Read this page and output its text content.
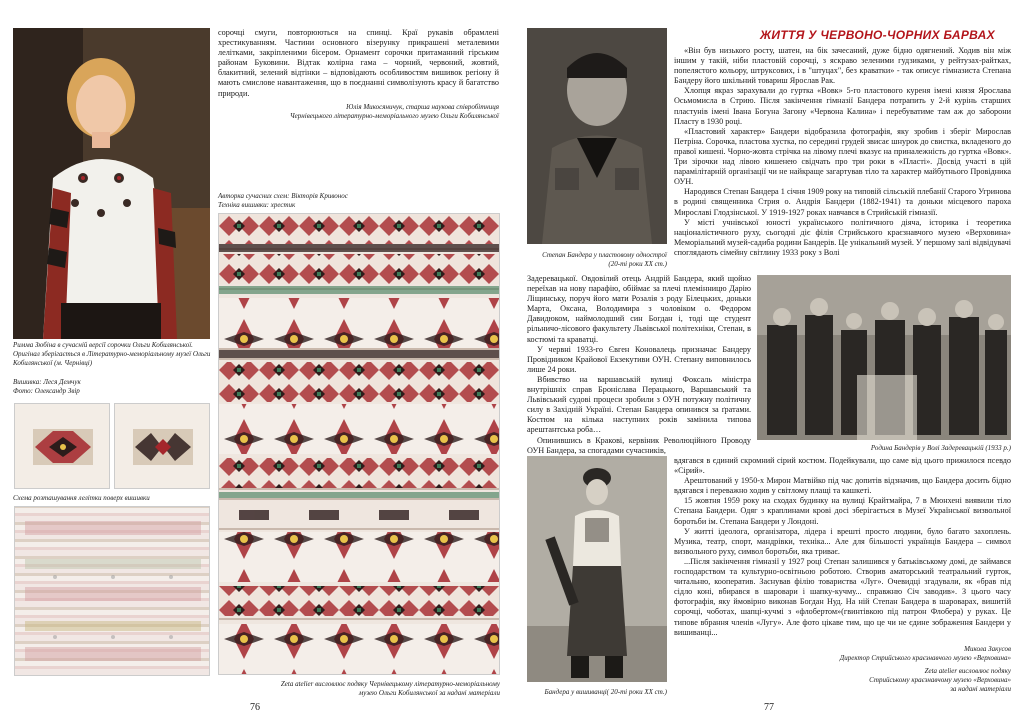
Римма Зюбіна в сучасній версії сорочки Ольги Кобилянської. Оригінал зберігається в Літературно-меморіальному музеї Ольги Кобилянської (м. Чернівці)
Вишивка: Леся Демчук
Фото: Олександр Звір
Схема розташування лелітки поверх вишивки

сорочці смуги, повторюються на спинці. Краї рукавів обрамлені хрестикуванням. Частини основного візерунку прикрашені металевими лелітками, закріпленими бісером. Орнамент сорочки притаманний гірським районам Буковини. Відтак колірна гама – чорний, червоний, жовтий, блакитний, зелений відтінки – відповідають особливостям вишивок регіону й мають смислове навантаження, що в поєднанні символізують красу й багатство природи.

Юлія Микосяничук, старша наукова співробітниця
Чернівецького літературно-меморіального музею Ольги Кобилянської
Авторка сучасних схем: Вікторія Кривонос
Техніка вишивки: хрестик
Zeta atelier висловлює подяку Чернівецькому літературно-меморіальному
музею Ольги Кобилянської за надані матеріали
76
Степан Бандера у пластовому однострої
(20-ті роки XX ст.)
ЖИТТЯ У ЧЕРВОНО-ЧОРНИХ БАРВАХ

«Він був низького росту, шатен, на бік зачесаний, дуже бідно одягнений. Ходив він між іншим у такій, ніби пластовій сорочці, з яскраво зеленими гудзиками, у рейтузах-райтках, попелястого кольору, штрукcових, і в "штуцах", без краватки» - так описує гімназиста Степана Бандеру його шкільний товариш Ярослав Рак.

Хлопця якраз зарахували до гуртка «Вовк» 5-го пластового куреня імені князя Ярослава Осьмомисла в Стрию. Після закінчення гімназії Бандера потрапить у 2-й курінь старших пластунів імені Івана Богуна Загону «Червона Калина» і перебуватиме там аж до заборони Пласту в 1930 році.

«Пластовий характер» Бандери відобразила фотографія, яку зробив і зберіг Мирослав Петріна. Сорочка, пластова хустка, по середині грудей звисає шнурок до свистка, вкладеного до правої кишені. Чорно-жовта стрічка на лівому плечі вказує на приналежність до гуртка «Вовк». Три зірочки над лівою кишенею свідчать про три роки в «Пласті». Досвід участі в цій парамілітарній організації чи не найкраще загартував тіло та характер майбутнього Провідника ОУН.

Народився Степан Бандера 1 січня 1909 року на типовій сільській плебанії Старого Угринова в родині священника Стрия о. Андрія Бандери (1882-1941) та доньки місцевого пароха Мирославі Глодзінської. У 1919-1927 роках навчався в Стрийській гімназії.

У місті учнівської юності українського політичного діяча, історика і теоретика націоналістичного руху, сьогодні діє філія Стрийського краєзнавчого музею «Верховина» Меморіальний музей-садиба родини Бандерів. Це унікальний музей. У першому залі відвідувачі споглядають сімейну світлину 1933 року з Волі

Задеревацької. Овдовілий отець Андрій Бандера, який щойно переїхав на нову парафію, обіймає за плечі племінницю Дарію Ліщинську, поруч його мати Розалія з роду Білецьких, доньки Марта, Оксана, Володимира з чоловіком о. Федором Давидюком, наймолодший син Богдан і, тоді ще студент рільничо-лісового факультету Львівської політехніки, Степан, в костюмі та краватці.

У червні 1933-го Євген Коновалець призначає Бандеру Провідником Крайової Екзекутиви ОУН. Степану виповнилось лише 24 роки.

Вбивство на варшавській вулиці Фоксаль міністра внутрішніх справ Броніслава Перацького, Варшавський та Львівський судові процеси зробили з ОУН потужну політичну силу в Західній Україні. Степан Бандера опинився за ґратами. Костюм на кілька наступних років замінила типова арештантська роба…

Опинившись в Кракові, кервіник Революційного Проводу ОУН Бандера, за спогадами сучасників,	Родина Бандерів у Волі Задеревацькій (1933 р.)

вдягався в єдиний скромний сірий костюм. Подейкували, що саме від цього прижилося псевдо «Сірий».

Арештований у 1950-х Мирон Матвійко під час допитів відзначив, що Бандера досить бідно вдягався і переважно ходив у світлому плащі та кашкеті.

15 жовтня 1959 року на сходах будинку на вулиці Крайтмайра, 7 в Мюнхені виявили тіло Степана Бандери. Одяг з краплинами крові досі зберігається в Музеї Української визвольної боротьби ім. Степана Бандери у Лондоні.

У житті ідеолога, організатора, лідера і врешті просто людини, було багато захоплень. Музика, театр, спорт, мандрівки, техніка... Але для більшості українців Бандера – символ визвольного руху, символ боротьби, яка триває.

...Після закінчення гімназії у 1927 році Степан залишився у батьківському домі, де займався господарством та культурно-освітньою роботою. Створив аматорський театральний гурток, читальню, кооператив. Заснував філію товариства «Луг». Очевидці згадували, як «брав під сідло коні, вбирався в шаровари і шапку-кучму... справжню Січ заводив». З цього часу фотографія, яку ймовірно виконав Богдан Нуд. На ній Степан Бандера в шароварах, вишитій сорочці, чоботах, шапці-кучмі з «флобертом»(гвинтівкою під патрон Флобера) у руках. Це типове вбрання членів «Лугу». Але фото цікаве тим, що це чи не єдине зображення Бандери у вишиванці...

Бандера у вишиванці( 20-ті роки XX ст.)
Микола Закусов
Директор Стрийського краєзнавчого музею «Верховина»
Zeta atelier висловлює подяку
Стрийському краєзнавчому музею «Верховина»
за надані матеріали
77
